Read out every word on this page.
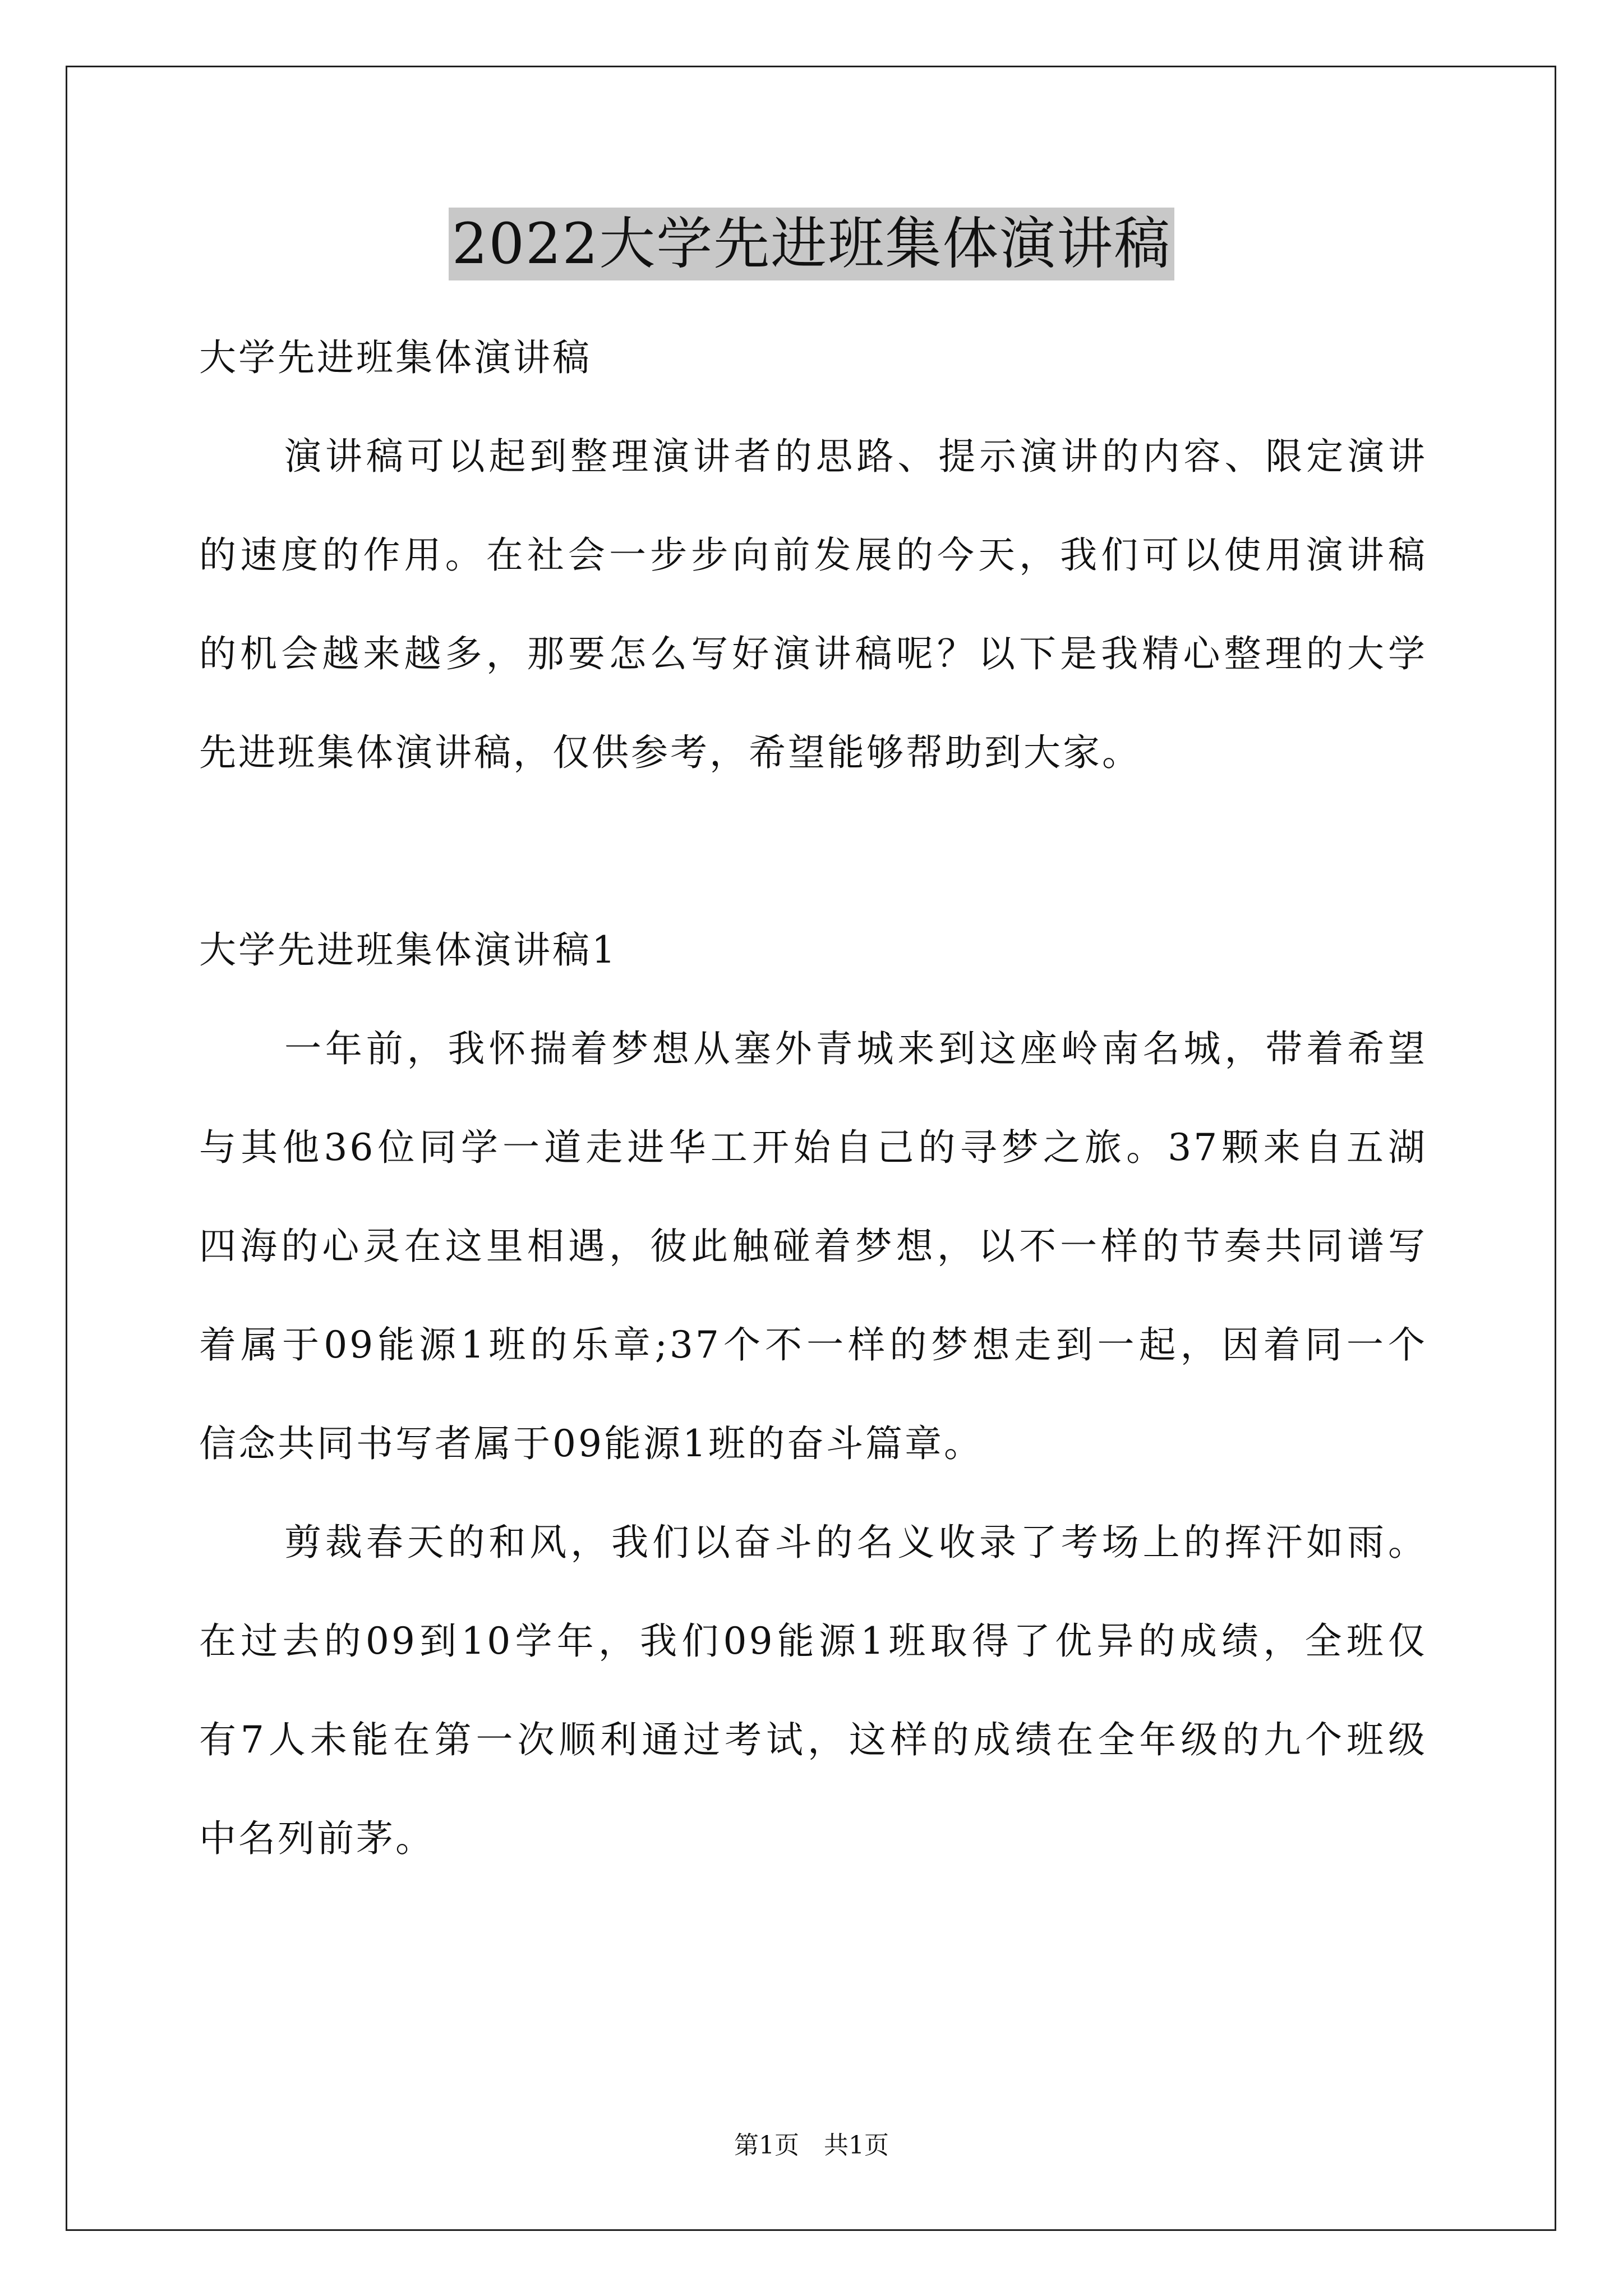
2022大学先进班集体演讲稿
大学先进班集体演讲稿
演讲稿可以起到整理演讲者的思路、提示演讲的内容、限定演讲
的速度的作用。在社会一步步向前发展的今天，我们可以使用演讲稿
的机会越来越多，那要怎么写好演讲稿呢？以下是我精心整理的大学
先进班集体演讲稿，仅供参考，希望能够帮助到大家。
大学先进班集体演讲稿1
一年前，我怀揣着梦想从塞外青城来到这座岭南名城，带着希望
与其他36位同学一道走进华工开始自己的寻梦之旅。37颗来自五湖
四海的心灵在这里相遇，彼此触碰着梦想，以不一样的节奏共同谱写
着属于09能源1班的乐章;37个不一样的梦想走到一起，因着同一个
信念共同书写者属于09能源1班的奋斗篇章。
剪裁春天的和风，我们以奋斗的名义收录了考场上的挥汗如雨。
在过去的09到10学年，我们09能源1班取得了优异的成绩，全班仅
有7人未能在第一次顺利通过考试，这样的成绩在全年级的九个班级
中名列前茅。
第1页　共1页
